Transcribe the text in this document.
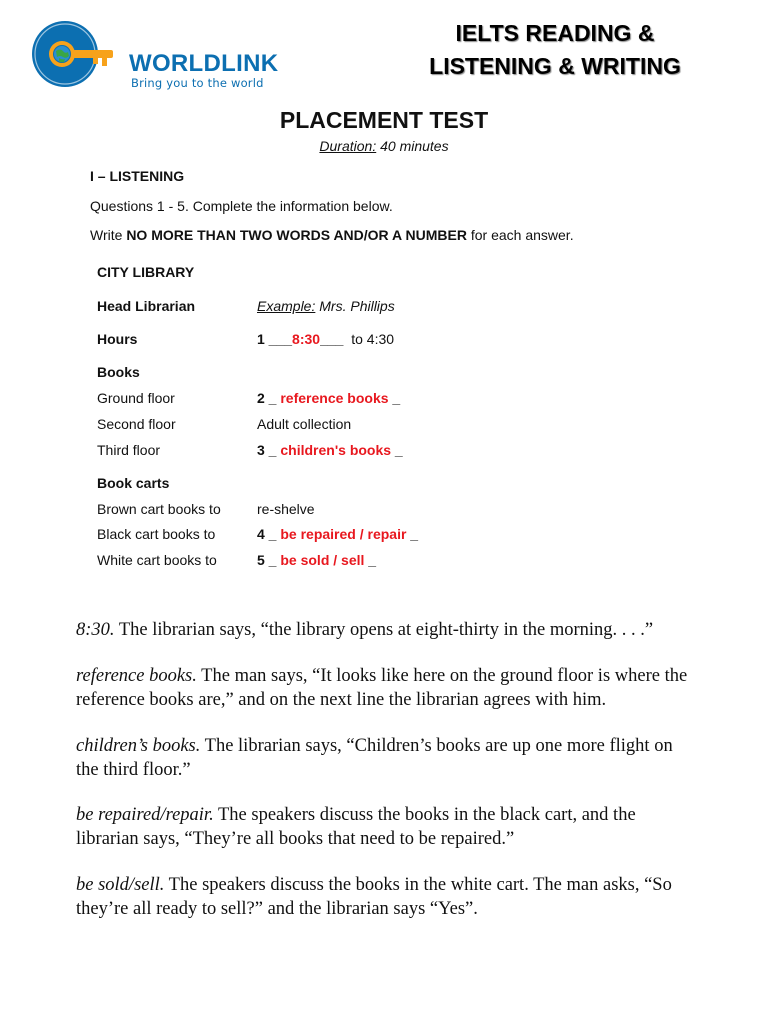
WORLDLINK
Bring you to the world
IELTS READING &
LISTENING & WRITING
PLACEMENT TEST
Duration: 40 minutes
I – LISTENING
Questions 1 - 5. Complete the information below.
Write NO MORE THAN TWO WORDS AND/OR A NUMBER for each answer.
CITY LIBRARY
Head Librarian	Example: Mrs. Phillips
Hours	1 ___8:30___ to 4:30
Books
Ground floor	2 _ reference books _
Second floor	Adult collection
Third floor	3 _ children's books _
Book carts
Brown cart books to	re-shelve
Black cart books to	4 _ be repaired / repair _
White cart books to	5 _ be sold / sell _
8:30. The librarian says, “the library opens at eight-thirty in the morning. . . .”
reference books. The man says, “It looks like here on the ground floor is where the reference books are,” and on the next line the librarian agrees with him.
children’s books. The librarian says, “Children’s books are up one more flight on the third floor.”
be repaired/repair. The speakers discuss the books in the black cart, and the librarian says, “They’re all books that need to be repaired.”
be sold/sell. The speakers discuss the books in the white cart. The man asks, “So they’re all ready to sell?” and the librarian says “Yes”.
